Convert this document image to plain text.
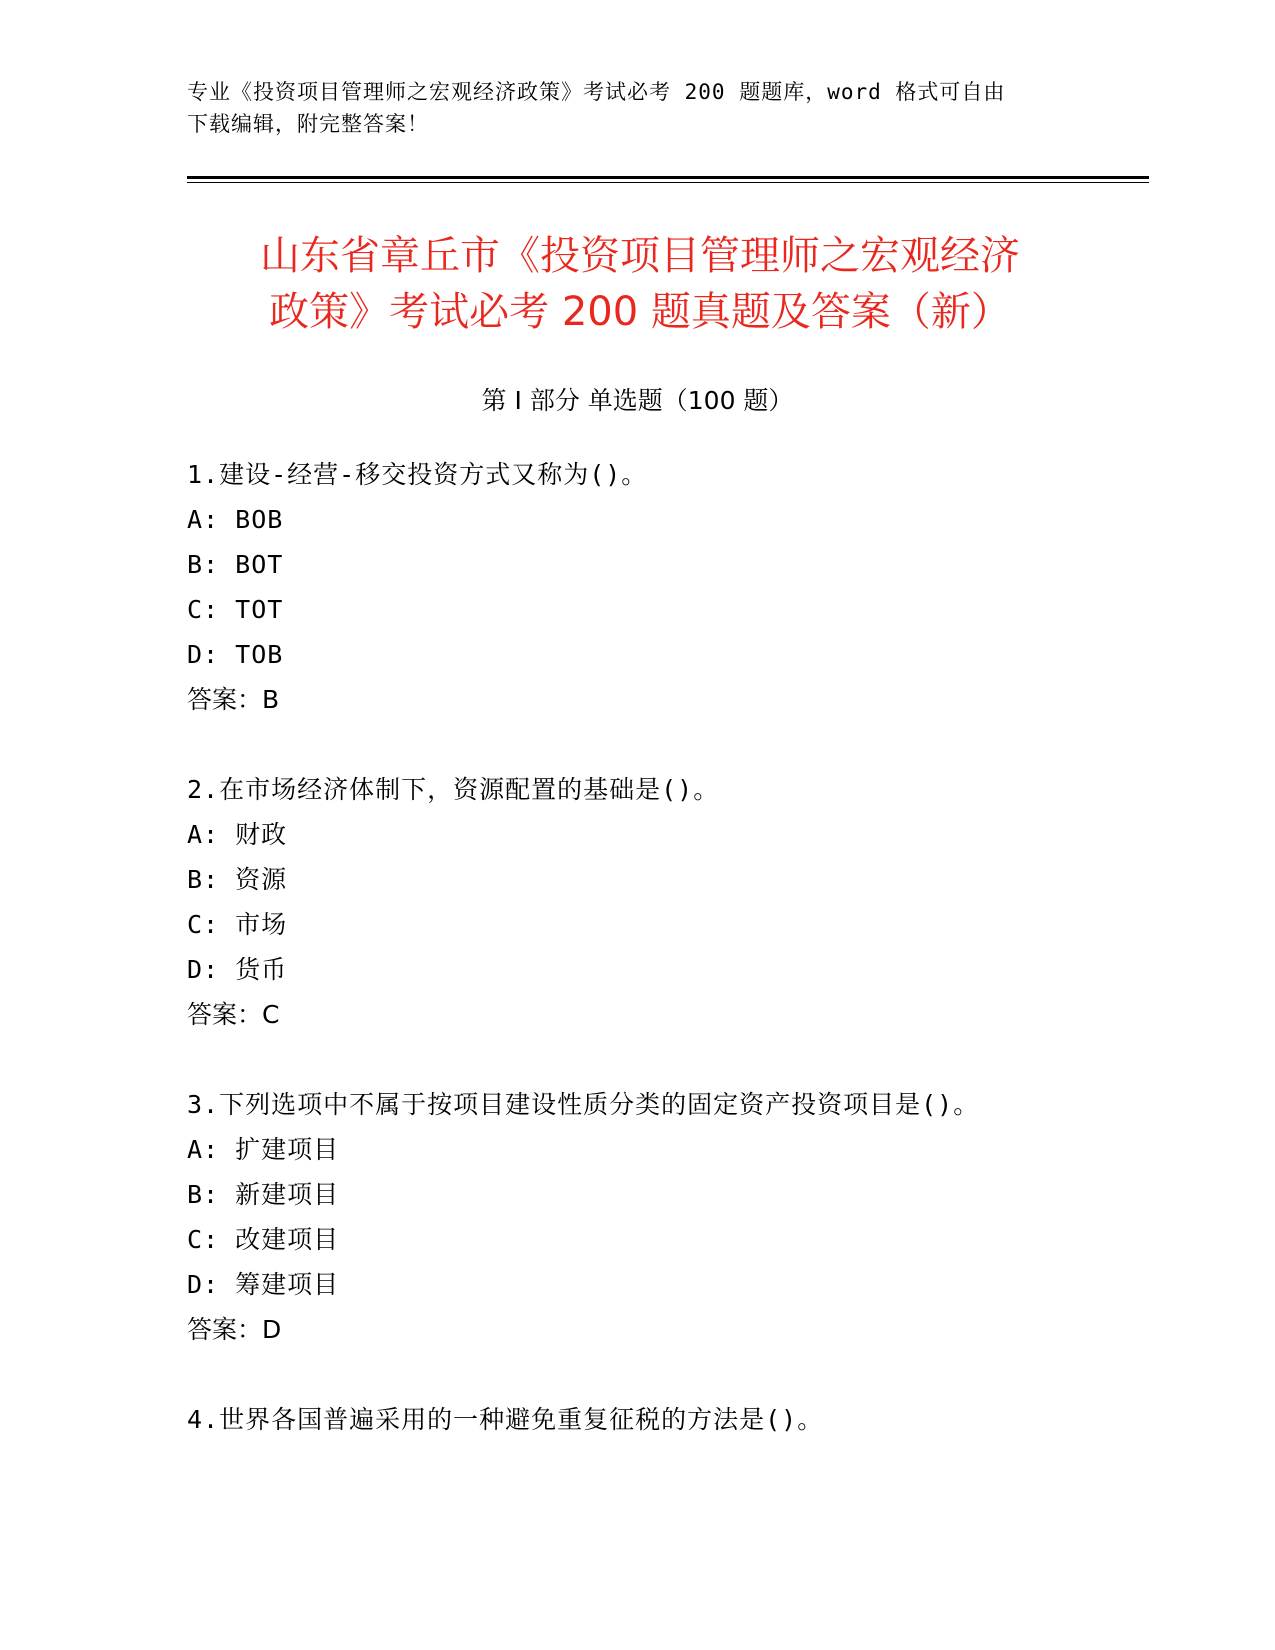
专业《投资项目管理师之宏观经济政策》考试必考 200 题题库，word 格式可自由
下载编辑，附完整答案！
山东省章丘市《投资项目管理师之宏观经济
政策》考试必考 200 题真题及答案（新）
第 I 部分 单选题（100 题）
1.建设-经营-移交投资方式又称为()。
A: BOB
B: BOT
C: TOT
D: TOB
答案：B
2.在市场经济体制下，资源配置的基础是()。
A: 财政
B: 资源
C: 市场
D: 货币
答案：C
3.下列选项中不属于按项目建设性质分类的固定资产投资项目是()。
A: 扩建项目
B: 新建项目
C: 改建项目
D: 筹建项目
答案：D
4.世界各国普遍采用的一种避免重复征税的方法是()。
